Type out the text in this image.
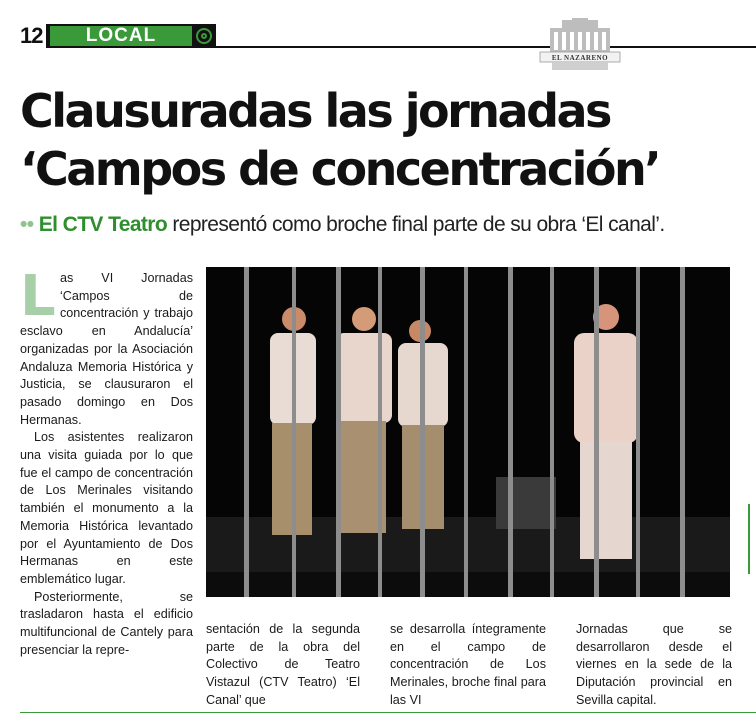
12	LOCAL
EL NAZARENO
Clausuradas las jornadas
‘Campos de concentración’
•• El CTV Teatro representó como broche final parte de su obra ‘El canal’.

Las VI Jornadas ‘Campos de concentración y trabajo esclavo en Andalucía’ organizadas por la Asociación Andaluza Memoria Histórica y Justicia, se clausuraron el pasado domingo en Dos Hermanas.

Los asistentes realizaron una visita guiada por lo que fue el campo de concentración de Los Merinales visitando también el monumento a la Memoria Histórica levantado por el Ayuntamiento de Dos Hermanas en este emblemático lugar.

Posteriormente, se trasladaron hasta el edificio multifuncional de Cantely para presenciar la repre-

sentación de la segunda parte de la obra del Colectivo de Teatro Vistazul (CTV Teatro) ‘El Canal’ que

se desarrolla íntegramente en el campo de concentración de Los Merinales, broche final para las VI

Jornadas que se desarrollaron desde el viernes en la sede de la Diputación provincial en Sevilla capital.
